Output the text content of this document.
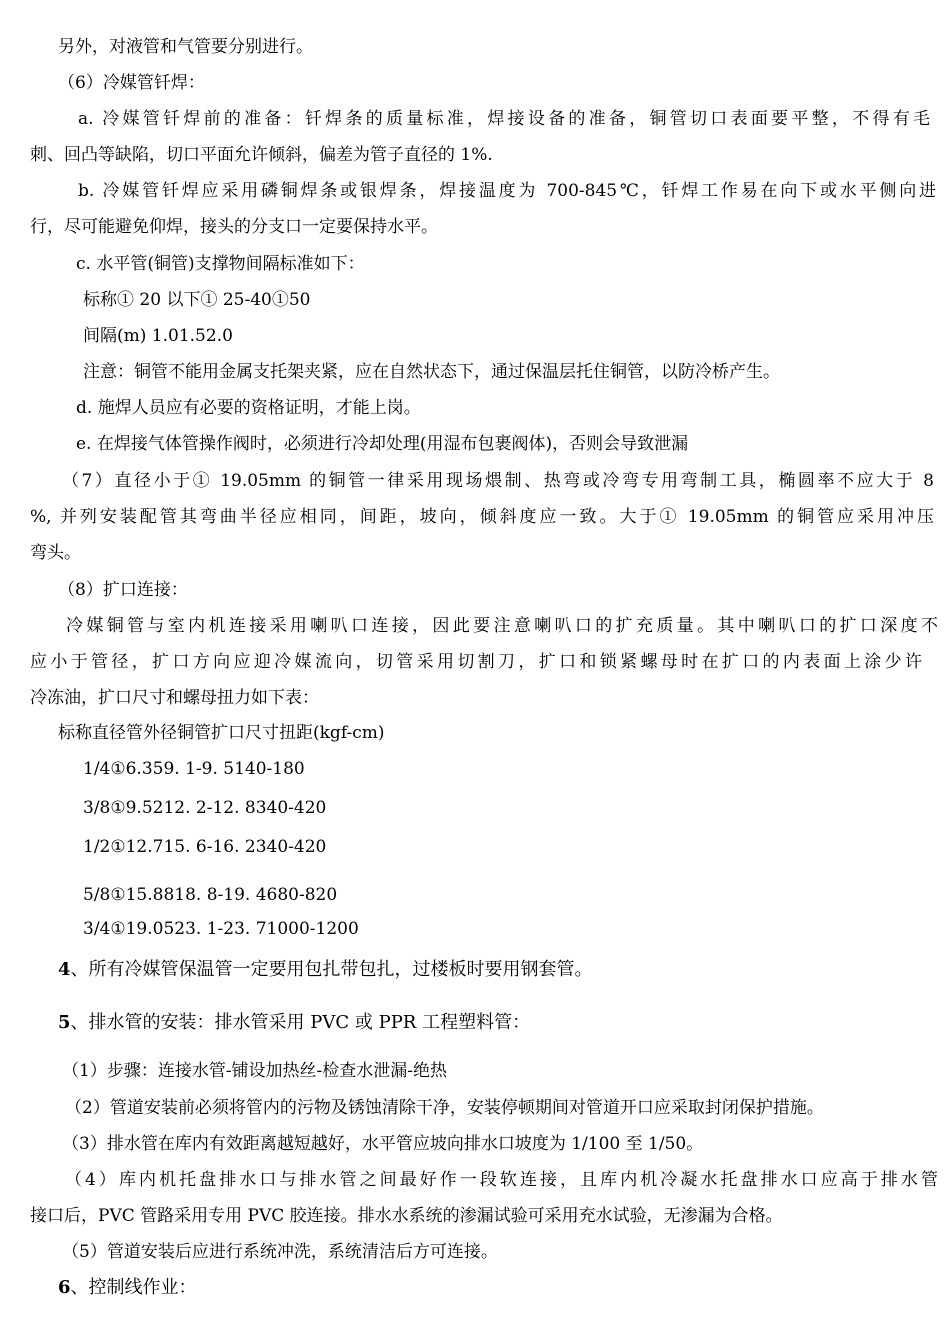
另外，对液管和气管要分别进行。
（6）冷媒管钎焊：
a. 冷媒管钎焊前的准备：钎焊条的质量标准，焊接设备的准备，铜管切口表面要平整，不得有毛
刺、回凸等缺陷，切口平面允许倾斜，偏差为管子直径的 1%.
b. 冷媒管钎焊应采用磷铜焊条或银焊条，焊接温度为 700-845℃，钎焊工作易在向下或水平侧向进
行，尽可能避免仰焊，接头的分支口一定要保持水平。
c. 水平管(铜管)支撑物间隔标准如下：
标称① 20 以下① 25-40①50
间隔(m) 1.01.52.0
注意：铜管不能用金属支托架夹紧，应在自然状态下，通过保温层托住铜管，以防冷桥产生。
d. 施焊人员应有必要的资格证明，才能上岗。
e. 在焊接气体管操作阀时，必须进行冷却处理(用湿布包裹阀体)，否则会导致泄漏
（7）直径小于① 19.05mm 的铜管一律采用现场煨制、热弯或冷弯专用弯制工具，椭圆率不应大于 8
%, 并列安装配管其弯曲半径应相同，间距，坡向，倾斜度应一致。大于① 19.05mm 的铜管应采用冲压
弯头。
（8）扩口连接：
冷媒铜管与室内机连接采用喇叭口连接，因此要注意喇叭口的扩充质量。其中喇叭口的扩口深度不
应小于管径，扩口方向应迎冷媒流向，切管采用切割刀，扩口和锁紧螺母时在扩口的内表面上涂少许
冷冻油，扩口尺寸和螺母扭力如下表：
标称直径管外径铜管扩口尺寸扭距(kgf-cm)
1/4①6.359. 1-9. 5140-180
3/8①9.5212. 2-12. 8340-420
1/2①12.715. 6-16. 2340-420
5/8①15.8818. 8-19. 4680-820
3/4①19.0523. 1-23. 71000-1200
4、所有冷媒管保温管一定要用包扎带包扎，过楼板时要用钢套管。
5、排水管的安装：排水管采用 PVC 或 PPR 工程塑料管：
（1）步骤：连接水管-铺设加热丝-检查水泄漏-绝热
（2）管道安装前必须将管内的污物及锈蚀清除干净，安装停顿期间对管道开口应采取封闭保护措施。
（3）排水管在库内有效距离越短越好，水平管应坡向排水口坡度为 1/100 至 1/50。
（4）库内机托盘排水口与排水管之间最好作一段软连接，且库内机冷凝水托盘排水口应高于排水管
接口后，PVC 管路采用专用 PVC 胶连接。排水水系统的渗漏试验可采用充水试验，无渗漏为合格。
（5）管道安装后应进行系统冲洗，系统清洁后方可连接。
6、控制线作业：
